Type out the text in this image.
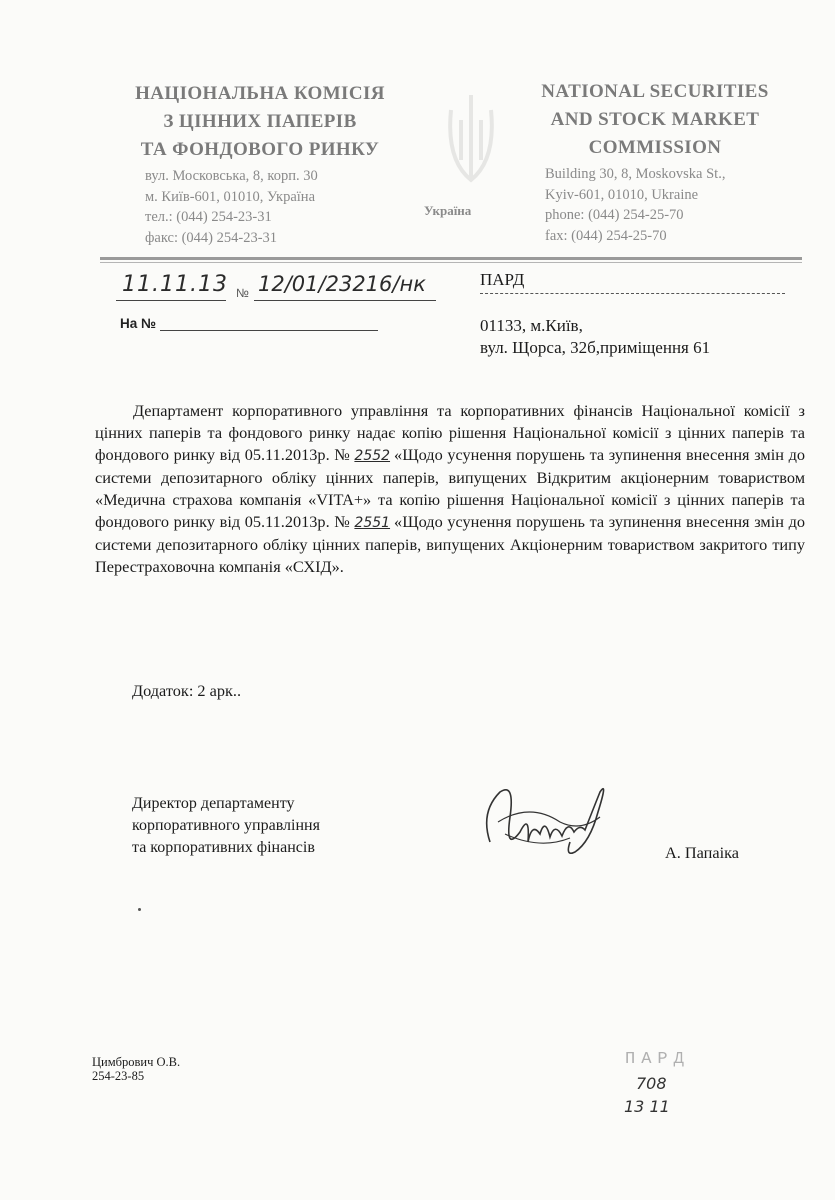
НАЦІОНАЛЬНА КОМІСІЯ
З ЦІННИХ ПАПЕРІВ
ТА ФОНДОВОГО РИНКУ
вул. Московська, 8, корп. 30
м. Київ-601, 01010, Україна
тел.: (044) 254-23-31
факс: (044) 254-23-31
Україна
NATIONAL SECURITIES
AND STOCK MARKET
COMMISSION
Building 30, 8, Moskovska St.,
Kyiv-601, 01010, Ukraine
phone: (044) 254-25-70
fax: (044) 254-25-70
11.11.13 № 12/01/23216/нк
На №
ПАРД
01133, м.Київ,
вул. Щорса, 32б,приміщення 61

Департамент корпоративного управління та корпоративних фінансів Національної комісії з цінних паперів та фондового ринку надає копію рішення Національної комісії з цінних паперів та фондового ринку від 05.11.2013р. № 2552 «Щодо усунення порушень та зупинення внесення змін до системи депозитарного обліку цінних паперів, випущених Відкритим акціонерним товариством «Медична страхова компанія «VITA+» та копію рішення Національної комісії з цінних паперів та фондового ринку від 05.11.2013р. № 2551 «Щодо усунення порушень та зупинення внесення змін до системи депозитарного обліку цінних паперів, випущених Акціонерним товариством закритого типу Перестраховочна компанія «СХІД».

Додаток: 2 арк..
Директор департаменту
корпоративного управління
та корпоративних фінансів	А. Папаіка
Цимбрович О.В.
254-23-85
ПАРД
708
13 11
